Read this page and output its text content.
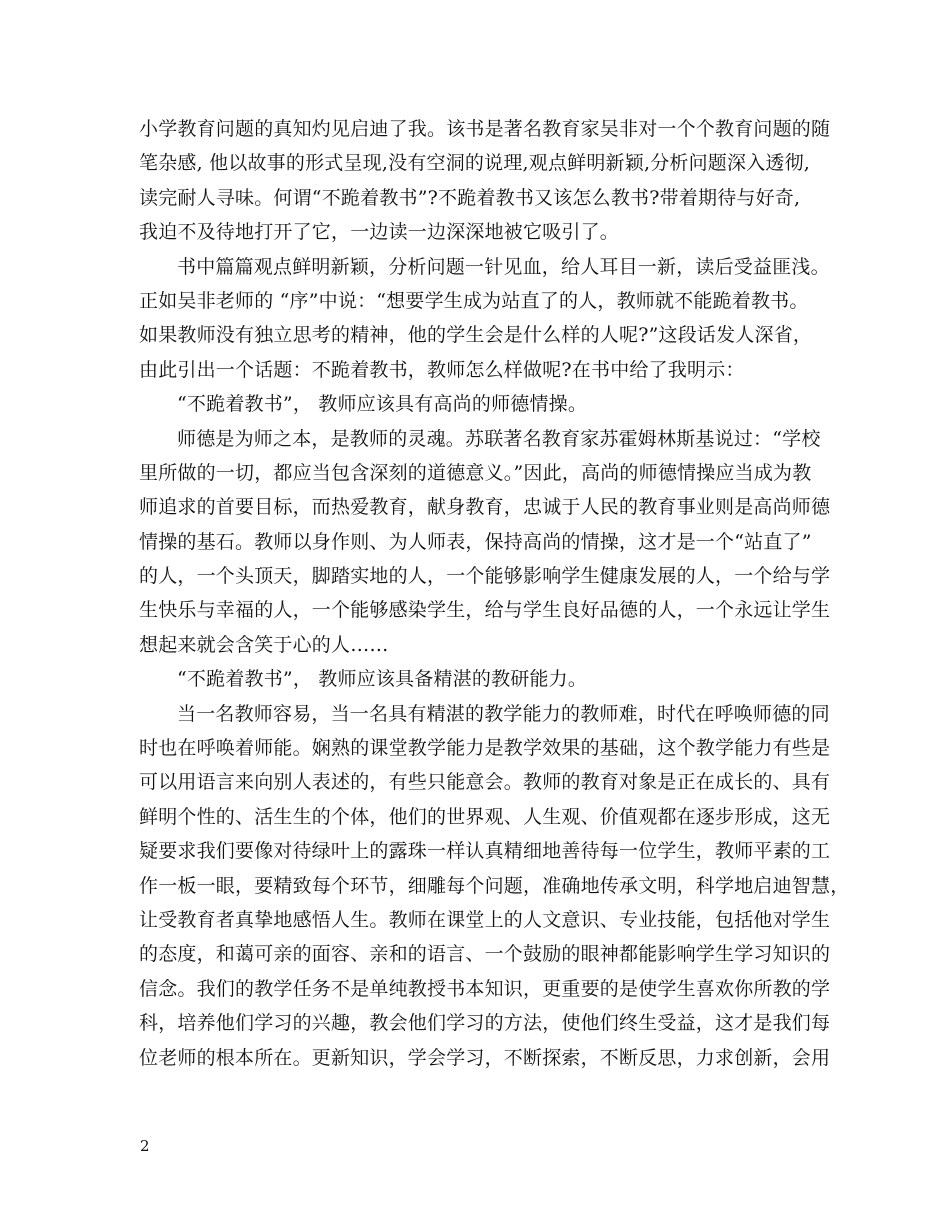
小学教育问题的真知灼见启迪了我。该书是著名教育家吴非对一个个教育问题的随
笔杂感, 他以故事的形式呈现,没有空洞的说理,观点鲜明新颖,分析问题深入透彻,
读完耐人寻味。何谓“不跪着教书”?不跪着教书又该怎么教书?带着期待与好奇,
我迫不及待地打开了它，一边读一边深深地被它吸引了。
书中篇篇观点鲜明新颖，分析问题一针见血，给人耳目一新，读后受益匪浅。
正如吴非老师的 “序”中说：“想要学生成为站直了的人，教师就不能跪着教书。
如果教师没有独立思考的精神，他的学生会是什么样的人呢?”这段话发人深省，
由此引出一个话题：不跪着教书，教师怎么样做呢?在书中给了我明示：
“不跪着教书”， 教师应该具有高尚的师德情操。
师德是为师之本，是教师的灵魂。苏联著名教育家苏霍姆林斯基说过：“学校
里所做的一切，都应当包含深刻的道德意义。”因此，高尚的师德情操应当成为教
师追求的首要目标，而热爱教育，献身教育，忠诚于人民的教育事业则是高尚师德
情操的基石。教师以身作则、为人师表，保持高尚的情操，这才是一个“站直了”
的人，一个头顶天，脚踏实地的人，一个能够影响学生健康发展的人，一个给与学
生快乐与幸福的人，一个能够感染学生，给与学生良好品德的人，一个永远让学生
想起来就会含笑于心的人……
“不跪着教书”， 教师应该具备精湛的教研能力。
当一名教师容易，当一名具有精湛的教学能力的教师难，时代在呼唤师德的同
时也在呼唤着师能。娴熟的课堂教学能力是教学效果的基础，这个教学能力有些是
可以用语言来向别人表述的，有些只能意会。教师的教育对象是正在成长的、具有
鲜明个性的、活生生的个体，他们的世界观、人生观、价值观都在逐步形成，这无
疑要求我们要像对待绿叶上的露珠一样认真精细地善待每一位学生，教师平素的工
作一板一眼，要精致每个环节，细雕每个问题，准确地传承文明，科学地启迪智慧，
让受教育者真挚地感悟人生。教师在课堂上的人文意识、专业技能，包括他对学生
的态度，和蔼可亲的面容、亲和的语言、一个鼓励的眼神都能影响学生学习知识的
信念。我们的教学任务不是单纯教授书本知识，更重要的是使学生喜欢你所教的学
科，培养他们学习的兴趣，教会他们学习的方法，使他们终生受益，这才是我们每
位老师的根本所在。更新知识，学会学习，不断探索，不断反思，力求创新，会用
2
